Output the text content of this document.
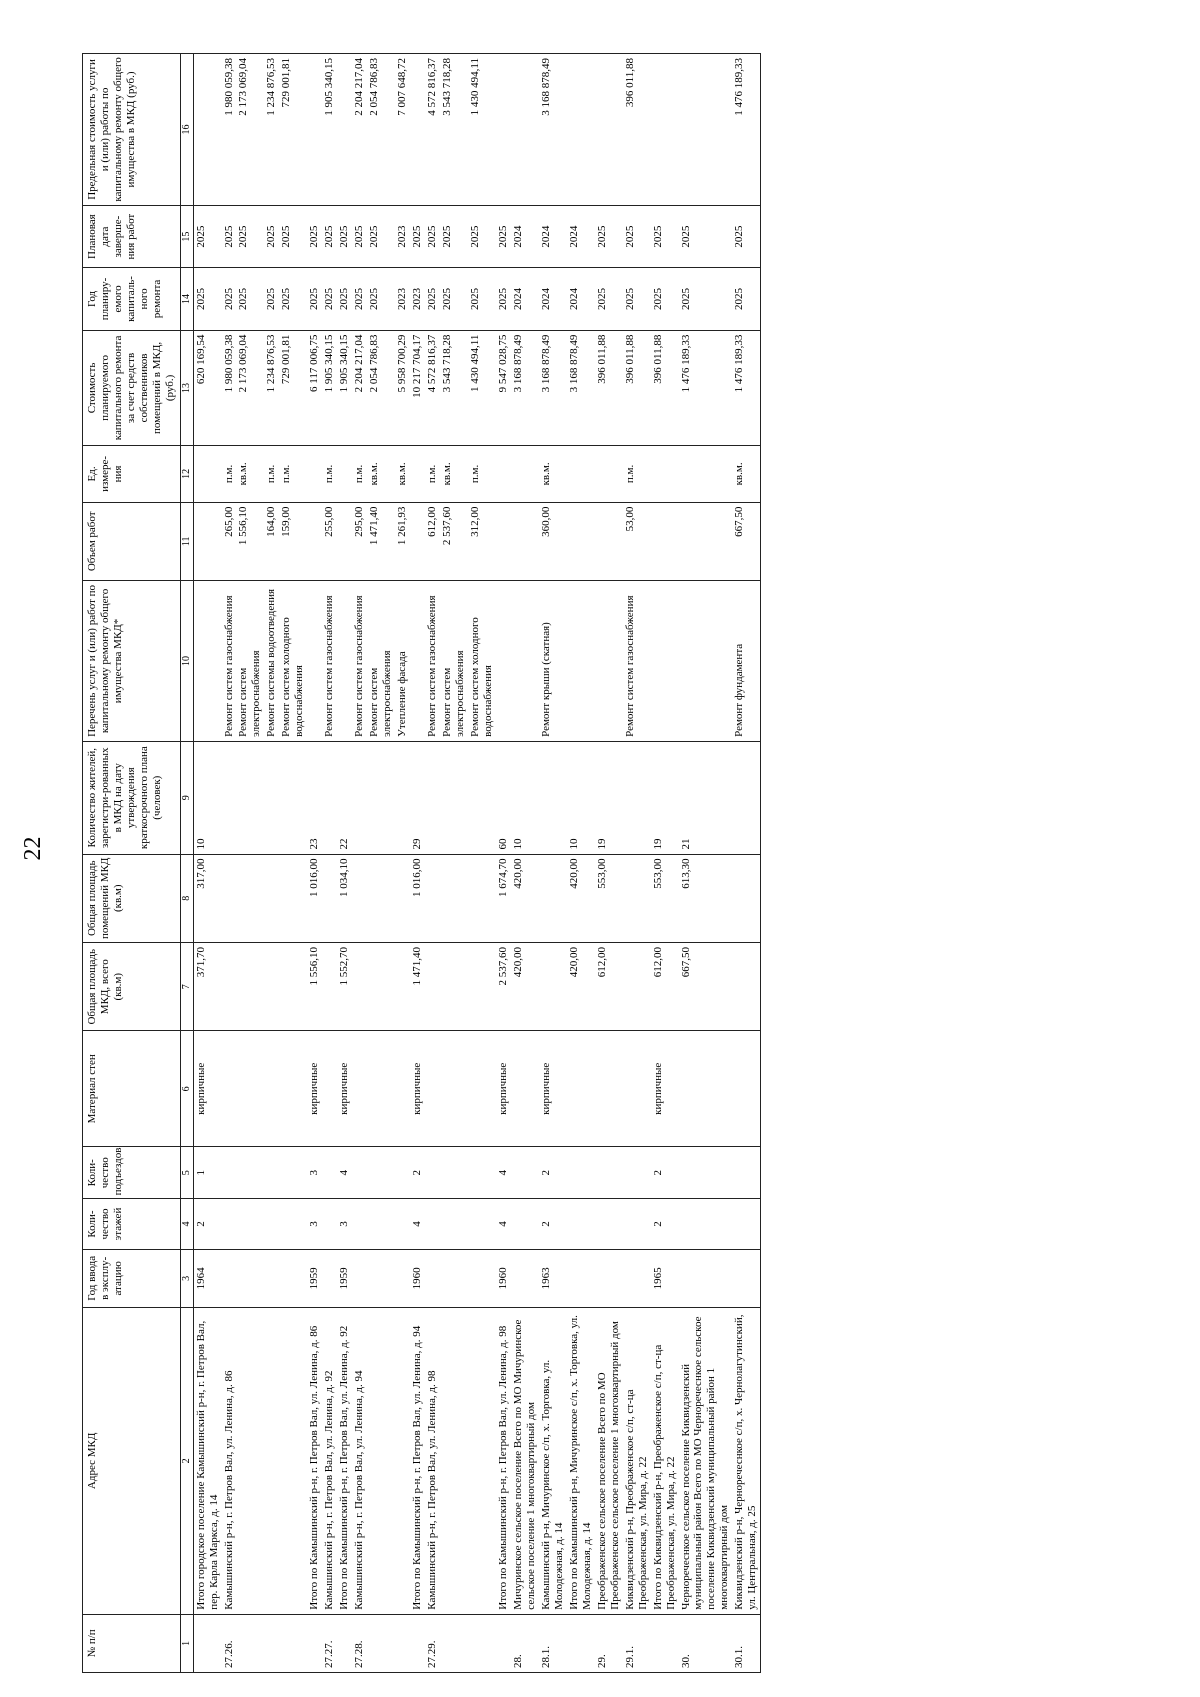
22
№ п/п	Адрес МКД	Год ввода в эксплу-атацию	Коли-чество этажей	Коли-чество подъездов	Материал стен	Общая площадь МКД, всего (кв.м)	Общая площадь помещений МКД (кв.м)	Количество жителей, зарегистри-рованных в МКД на дату утверждения краткосрочного плана (человек)	Перечень услуг и (или) работ по капитальному ремонту общего имущества МКД*	Объем работ	Ед. измере-ния	Стоимость планируемого капитального ремонта за счет средств собственников помещений в МКД, (руб.)	Год планиру-емого капиталь-ного ремонта	Плановая дата заверше-ния работ	Предельная стоимость услуги и (или) работы по капитальному ремонту общего имущества в МКД (руб.)
1	2	3	4	5	6	7	8	9	10	11	12	13	14	15	16
	Итого городское поселение Камышинский р-н, г. Петров Вал, пер. Карла Маркса, д. 14	1964	2	1	кирпичные	371,70	317,00	10				620 169,54	2025	2025	
27.26.	Камышинский р-н, г. Петров Вал, ул. Ленина, д. 86								Ремонт систем газоснабжения	265,00	п.м.	1 980 059,38	2025	2025	1 980 059,38
									Ремонт систем электроснабжения	1 556,10	кв.м.	2 173 069,04	2025	2025	2 173 069,04
									Ремонт системы водоотведения	164,00	п.м.	1 234 876,53	2025	2025	1 234 876,53
									Ремонт систем холодного водоснабжения	159,00	п.м.	729 001,81	2025	2025	729 001,81
	Итого по Камышинский р-н, г. Петров Вал, ул. Ленина, д. 86	1959	3	3	кирпичные	1 556,10	1 016,00	23				6 117 006,75	2025	2025	
27.27.	Камышинский р-н, г. Петров Вал, ул. Ленина, д. 92								Ремонт систем газоснабжения	255,00	п.м.	1 905 340,15	2025	2025	1 905 340,15
	Итого по Камышинский р-н, г. Петров Вал, ул. Ленина, д. 92	1959	3	4	кирпичные	1 552,70	1 034,10	22				1 905 340,15	2025	2025	
27.28.	Камышинский р-н, г. Петров Вал, ул. Ленина, д. 94								Ремонт систем газоснабжения	295,00	п.м.	2 204 217,04	2025	2025	2 204 217,04
									Ремонт систем электроснабжения	1 471,40	кв.м.	2 054 786,83	2025	2025	2 054 786,83
									Утепление фасада	1 261,93	кв.м.	5 958 700,29	2023	2023	7 007 648,72
	Итого по Камышинский р-н, г. Петров Вал, ул. Ленина, д. 94	1960	4	2	кирпичные	1 471,40	1 016,00	29				10 217 704,17	2023	2025	
27.29.	Камышинский р-н, г. Петров Вал, ул. Ленина, д. 98								Ремонт систем газоснабжения	612,00	п.м.	4 572 816,37	2025	2025	4 572 816,37
									Ремонт систем электроснабжения	2 537,60	кв.м.	3 543 718,28	2025	2025	3 543 718,28
									Ремонт систем холодного водоснабжения	312,00	п.м.	1 430 494,11	2025	2025	1 430 494,11
	Итого по Камышинский р-н, г. Петров Вал, ул. Ленина, д. 98	1960	4	4	кирпичные	2 537,60	1 674,70	60				9 547 028,75	2025	2025	
28.	Мичуринское сельское поселение Всего по МО Мичуринское сельское поселение 1 многоквартирный дом					420,00	420,00	10				3 168 878,49	2024	2024	
28.1.	Камышинский р-н, Мичуринское с/п, х. Торговка, ул. Молодежная, д. 14	1963	2	2	кирпичные				Ремонт крыши (скатная)	360,00	кв.м.	3 168 878,49	2024	2024	3 168 878,49
	Итого по Камышинский р-н, Мичуринское с/п, х. Торговка, ул. Молодежная, д. 14					420,00	420,00	10				3 168 878,49	2024	2024	
29.	Преображенское сельское поселение Всего по МО Преображенское сельское поселение 1 многоквартирный дом					612,00	553,00	19				396 011,88	2025	2025	
29.1.	Киквидзенский р-н, Преображенское с/п, ст-ца Преображенская, ул. Мира, д. 22								Ремонт систем газоснабжения	53,00	п.м.	396 011,88	2025	2025	396 011,88
	Итого по Киквидзенский р-н, Преображенское с/п, ст-ца Преображенская, ул. Мира, д. 22	1965	2	2	кирпичные	612,00	553,00	19				396 011,88	2025	2025	
30.	Черноречеснкое сельское поселение Киквидзенский муниципальный район Всего по МО Черноречеснкое сельское поселение Киквидзенский муниципальный район 1 многоквартирный дом					667,50	613,30	21				1 476 189,33	2025	2025	
30.1.	Киквидзенский р-н, Черноречеснкое с/п, х. Чернолагутинский, ул. Центральная, д. 25								Ремонт фундамента	667,50	кв.м.	1 476 189,33	2025	2025	1 476 189,33
